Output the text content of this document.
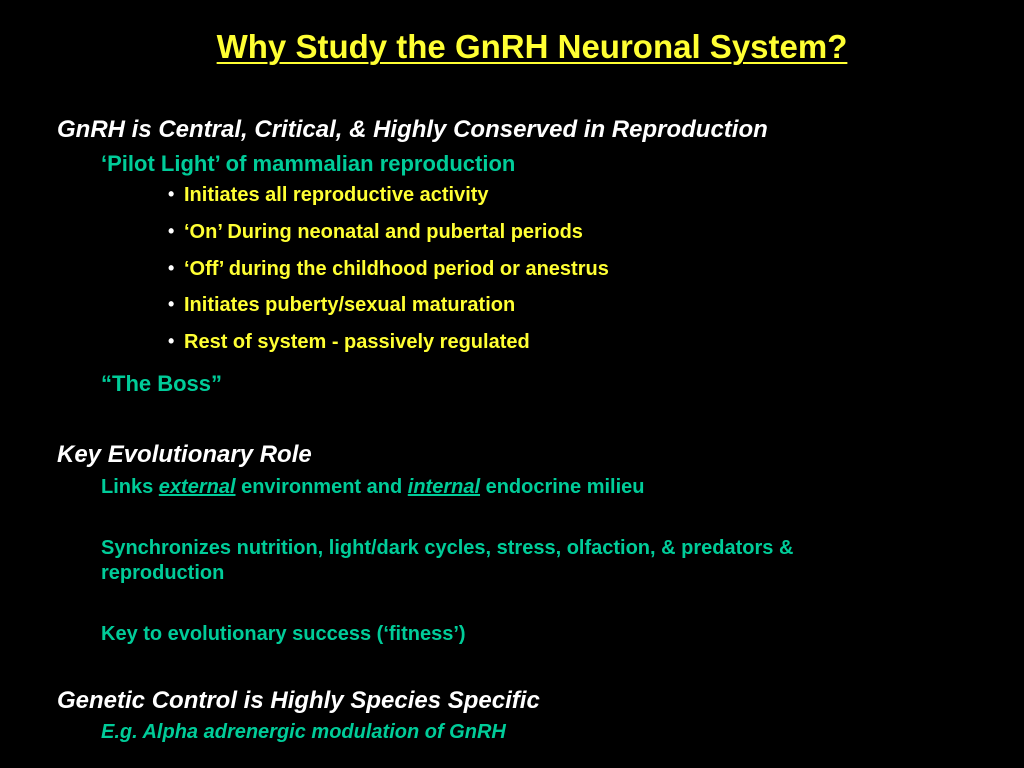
Why Study the GnRH Neuronal System?
GnRH is Central, Critical, & Highly Conserved in Reproduction
‘Pilot Light’ of mammalian reproduction
• Initiates all reproductive activity
• ‘On’ During neonatal and pubertal periods
• ‘Off’ during the childhood period or anestrus
• Initiates puberty/sexual maturation
• Rest of system - passively regulated
“The Boss”
Key Evolutionary Role
Links external environment and internal endocrine milieu
Synchronizes nutrition, light/dark cycles, stress, olfaction, & predators &
reproduction
Key to evolutionary success (‘fitness’)
Genetic Control is Highly Species Specific
E.g. Alpha adrenergic modulation of GnRH
